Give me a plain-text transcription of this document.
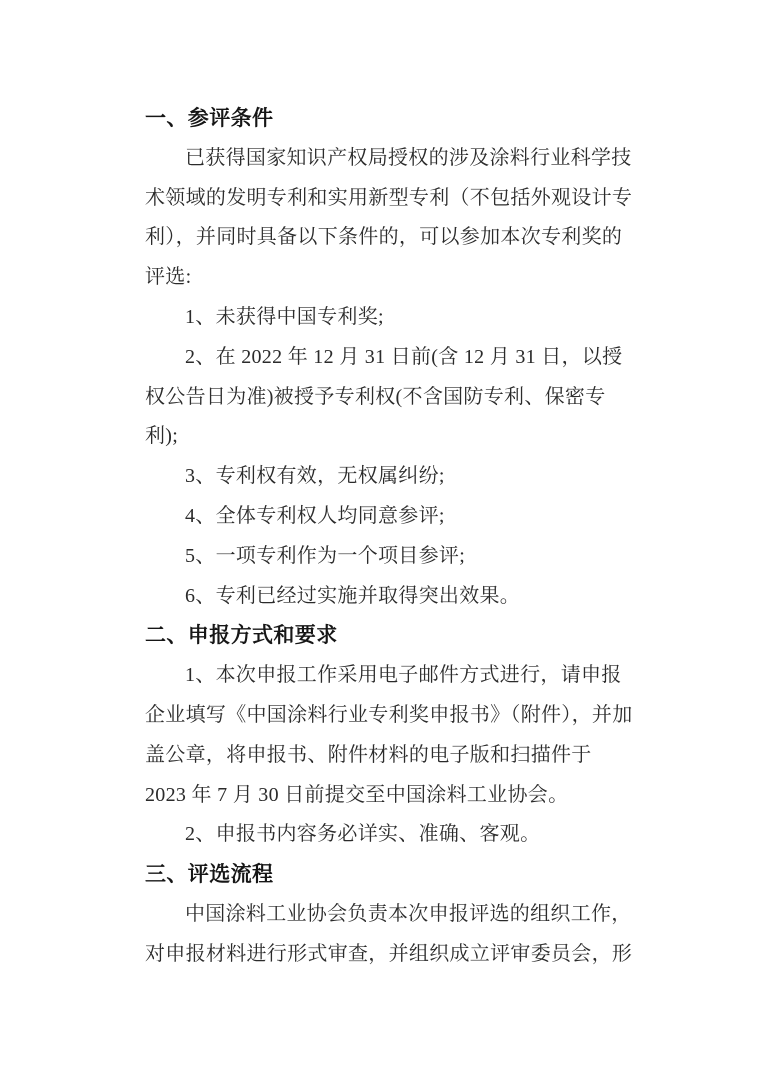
一、参评条件
已获得国家知识产权局授权的涉及涂料行业科学技
术领域的发明专利和实用新型专利（不包括外观设计专
利），并同时具备以下条件的，可以参加本次专利奖的
评选:
1、未获得中国专利奖;
2、在 2022 年 12 月 31 日前(含 12 月 31 日，以授
权公告日为准)被授予专利权(不含国防专利、保密专
利);
3、专利权有效，无权属纠纷;
4、全体专利权人均同意参评;
5、一项专利作为一个项目参评;
6、专利已经过实施并取得突出效果。
二、申报方式和要求
1、本次申报工作采用电子邮件方式进行，请申报
企业填写《中国涂料行业专利奖申报书》（附件），并加
盖公章，将申报书、附件材料的电子版和扫描件于
2023 年 7 月 30 日前提交至中国涂料工业协会。
2、申报书内容务必详实、准确、客观。
三、评选流程
中国涂料工业协会负责本次申报评选的组织工作，
对申报材料进行形式审查，并组织成立评审委员会，形
